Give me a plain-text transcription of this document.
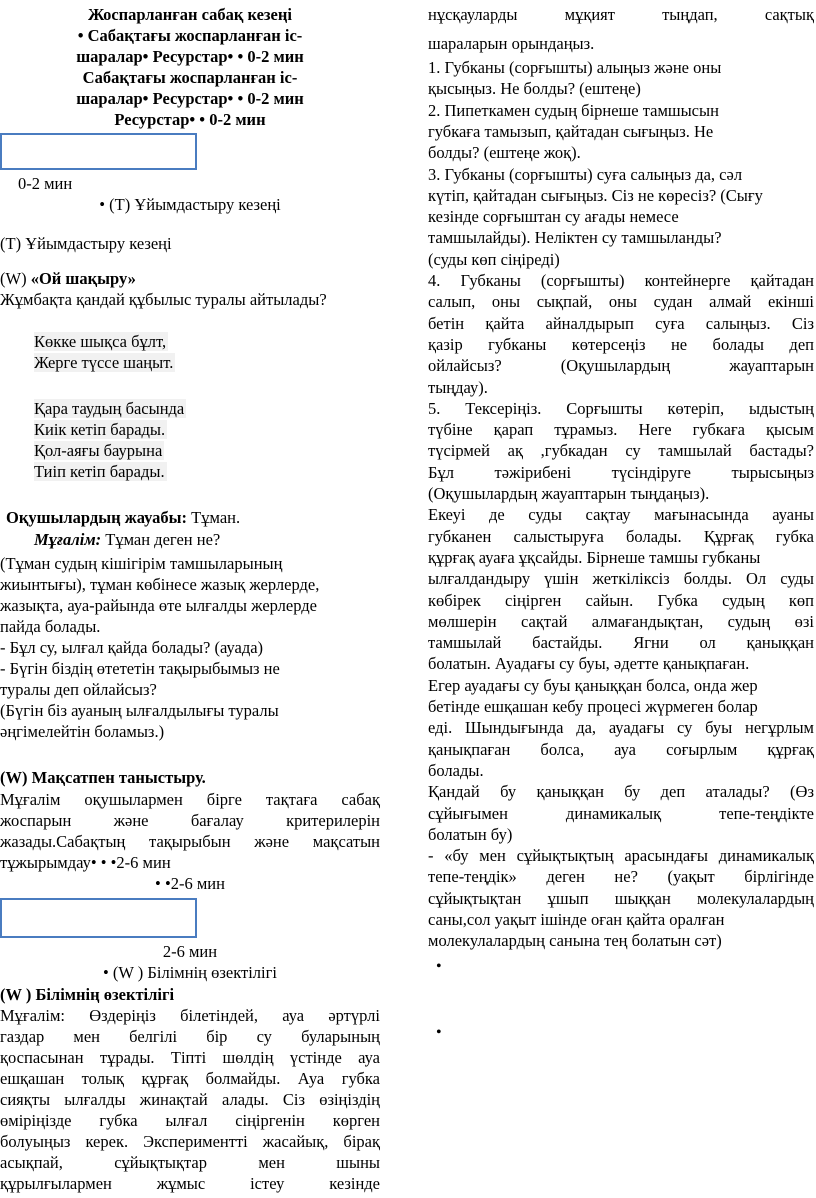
Жоспарланған сабақ кезеңі
• Сабақтағы жоспарланған іс-
шаралар• Ресурстар• • 0-2 мин
Сабақтағы жоспарланған іс-
шаралар• Ресурстар• • 0-2 мин
Ресурстар• • 0-2 мин
0-2 мин
• (Т) Ұйымдастыру кезеңі
(Т) Ұйымдастыру кезеңі
(W) «Ой шақыру»
Жұмбақта қандай құбылыс туралы айтылады?
Көкке шықса бұлт,
Жерге түссе шаңыт.
Қара таудың басында
Киік кетіп барады.
Қол-аяғы баурына
Тиіп кетіп барады.
Оқушылардың жауабы: Тұман.
Мұғалім: Тұман деген не?
(Тұман судың кішігірім тамшыларының
жиынтығы), тұман көбінесе жазық жерлерде,
жазықта, ауа-райында өте ылғалды жерлерде
пайда болады.
- Бұл су, ылғал қайда болады? (ауада)
- Бүгін біздің өтететін тақырыбымыз не
туралы деп ойлайсыз?
(Бүгін біз ауаның ылғалдылығы туралы
әңгімелейтін боламыз.)
(W) Мақсатпен таныстыру.
Мұғалім оқушылармен бірге тақтаға сабақ
жоспарын және бағалау критерилерін
жазады.Сабақтың тақырыбын және мақсатын
тұжырымдау• • •2-6 мин
• •2-6 мин
2-6 мин
• (W ) Білімнің өзектілігі
(W ) Білімнің өзектілігі
Мұғалім: Өздеріңіз білетіндей, ауа әртүрлі
газдар мен белгілі бір су буларының
қоспасынан тұрады. Тіпті шөлдің үстінде ауа
ешқашан толық құрғақ болмайды. Ауа губка
сияқты ылғалды жинақтай алады. Сіз өзіңіздің
өміріңізде губка ылғал сіңіргенін көрген
болуыңыз керек. Экспериментті жасайық, бірақ
асықпай, сұйықтықтар мен шыны
құрылғылармен жұмыс істеу кезінде
нұсқауларды мұқият тыңдап, сақтық
шараларын орындаңыз.
1. Губканы (сорғышты) алыңыз және оны
қысыңыз. Не болды? (ештеңе)
2. Пипеткамен судың бірнеше тамшысын
губкаға тамызып, қайтадан сығыңыз. Не
болды? (ештеңе жоқ).
3. Губканы (сорғышты) суға салыңыз да, сәл
күтіп, қайтадан сығыңыз. Сіз не көресіз? (Сығу
кезінде сорғыштан су ағады немесе
тамшылайды). Неліктен су тамшыланды?
(суды көп сіңіреді)
4. Губканы (сорғышты) контейнерге қайтадан
салып, оны сықпай, оны судан алмай екінші
бетін қайта айналдырып суға салыңыз. Сіз
қазір губканы көтерсеңіз не болады деп
ойлайсыз? (Оқушылардың жауаптарын
тыңдау).
5. Тексеріңіз. Сорғышты көтеріп, ыдыстың
түбіне қарап тұрамыз. Неге губкаға қысым
түсірмей ақ ,губкадан су тамшылай бастады?
Бұл тәжірибені түсіндіруге тырысыңыз
(Оқушылардың жауаптарын тыңдаңыз).
Екеуі де суды сақтау мағынасында ауаны
губканен салыстыруға болады. Құрғақ губка
құрғақ ауаға ұқсайды. Бірнеше тамшы губканы
ылғалдандыру үшін жеткіліксіз болды. Ол суды
көбірек сіңірген сайын. Губка судың көп
мөлшерін сақтай алмағандықтан, судың өзі
тамшылай бастайды. Ягни ол қаныққан
болатын. Ауадағы су буы, әдетте қанықпаған.
Егер ауадағы су буы қаныққан болса, онда жер
бетінде ешқашан кебу процесі жүрмеген болар
еді. Шындығында да, ауадағы су буы негұрлым
қанықпаған болса, ауа соғырлым құрғақ
болады.
Қандай бу қаныққан бу деп аталады? (Өз
сұйығымен динамикалық тепе-теңдікте
болатын бу)
- «бу мен сұйықтықтың арасындағы динамикалық
тепе-теңдік» деген не? (уақыт бірлігінде
сұйықтықтан ұшып шыққан молекулалардың
саны,сол уақыт ішінде оған қайта оралған
молекулалардың санына тең болатын сәт)
•
•
